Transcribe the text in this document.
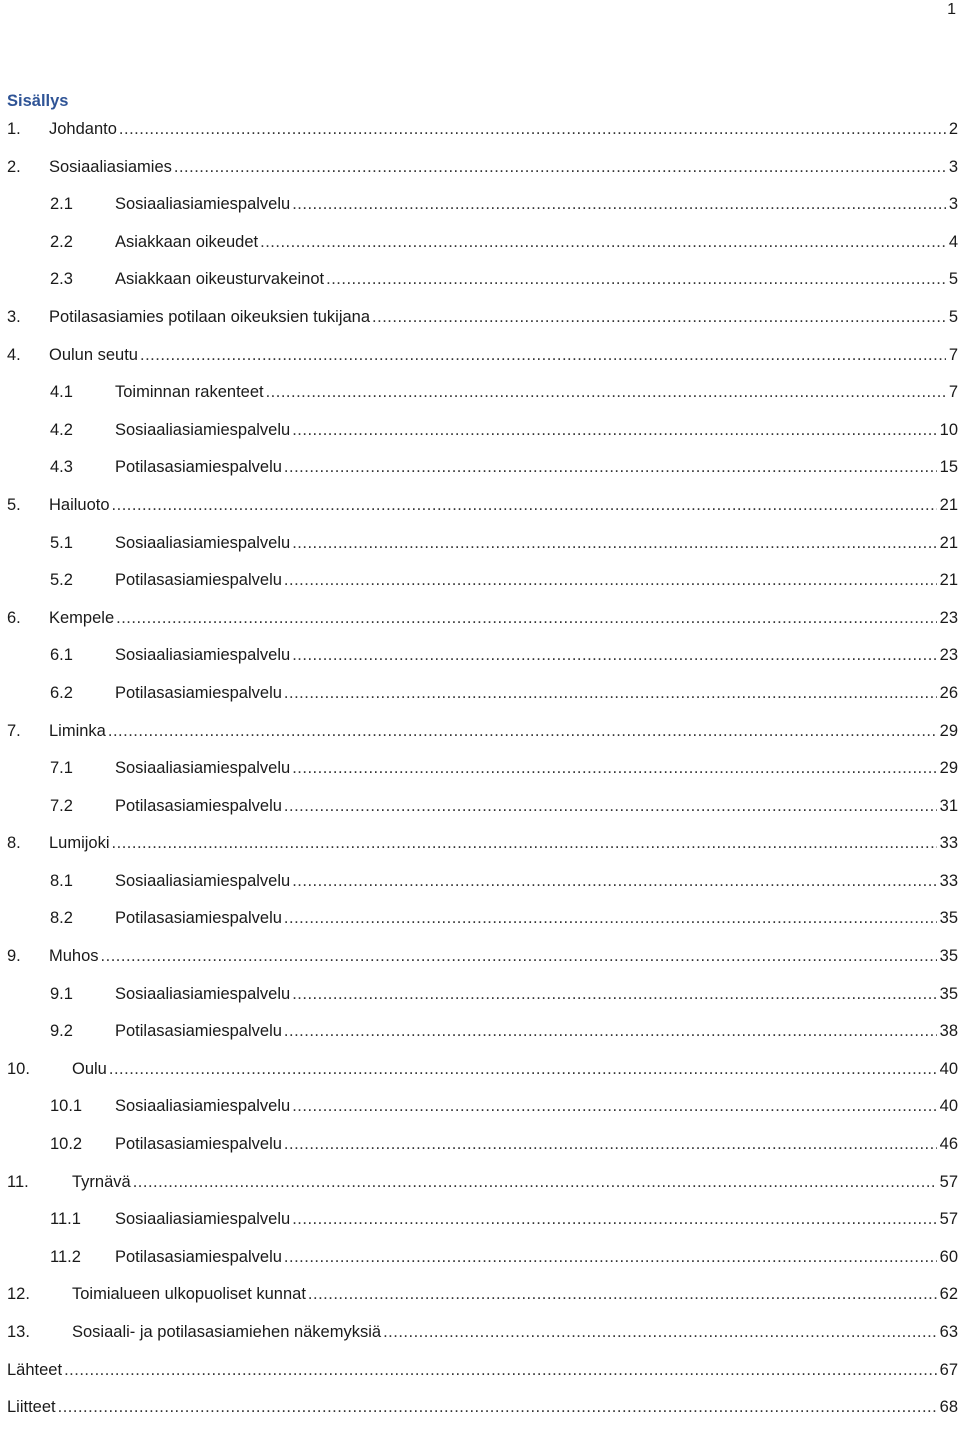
1
Sisällys
1.	Johdanto .....	2
2.	Sosiaaliasiamies .....	3
2.1	Sosiaaliasiamiespalvelu .....	3
2.2	Asiakkaan oikeudet .....	4
2.3	Asiakkaan oikeusturvakeinot .....	5
3.	Potilasasiamies potilaan oikeuksien tukijana .....	5
4.	Oulun seutu .....	7
4.1	Toiminnan rakenteet .....	7
4.2	Sosiaaliasiamiespalvelu .....	10
4.3	Potilasasiamiespalvelu .....	15
5.	Hailuoto .....	21
5.1	Sosiaaliasiamiespalvelu .....	21
5.2	Potilasasiamiespalvelu .....	21
6.	Kempele .....	23
6.1	Sosiaaliasiamiespalvelu .....	23
6.2	Potilasasiamiespalvelu .....	26
7.	Liminka .....	29
7.1	Sosiaaliasiamiespalvelu .....	29
7.2	Potilasasiamiespalvelu .....	31
8.	Lumijoki .....	33
8.1	Sosiaaliasiamiespalvelu .....	33
8.2	Potilasasiamiespalvelu .....	35
9.	Muhos .....	35
9.1	Sosiaaliasiamiespalvelu .....	35
9.2	Potilasasiamiespalvelu .....	38
10.	Oulu .....	40
10.1	Sosiaaliasiamiespalvelu .....	40
10.2	Potilasasiamiespalvelu .....	46
11.	Tyrnävä .....	57
11.1	Sosiaaliasiamiespalvelu .....	57
11.2	Potilasasiamiespalvelu .....	60
12.	Toimialueen ulkopuoliset kunnat .....	62
13.	Sosiaali- ja potilasasiamiehen näkemyksiä .....	63
Lähteet .....	67
Liitteet .....	68
